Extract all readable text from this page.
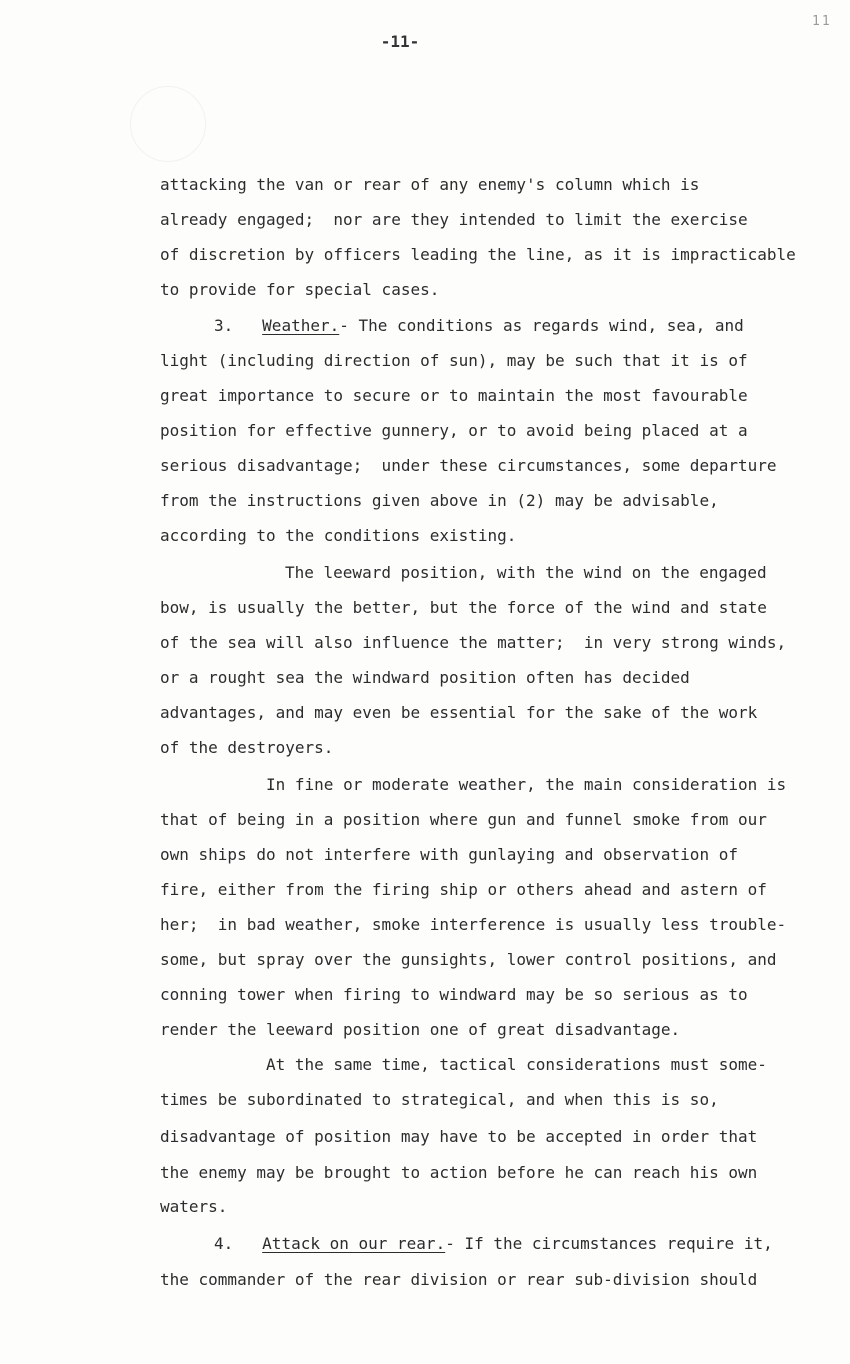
11
-11-
attacking the van or rear of any enemy's column which is
already engaged;  nor are they intended to limit the exercise
of discretion by officers leading the line, as it is impracticable
to provide for special cases.
3. Weather.- The conditions as regards wind, sea, and
light (including direction of sun), may be such that it is of
great importance to secure or to maintain the most favourable
position for effective gunnery, or to avoid being placed at a
serious disadvantage;  under these circumstances, some departure
from the instructions given above in (2) may be advisable,
according to the conditions existing.
The leeward position, with the wind on the engaged
bow, is usually the better, but the force of the wind and state
of the sea will also influence the matter;  in very strong winds,
or a rought sea the windward position often has decided
advantages, and may even be essential for the sake of the work
of the destroyers.
In fine or moderate weather, the main consideration is
that of being in a position where gun and funnel smoke from our
own ships do not interfere with gunlaying and observation of
fire, either from the firing ship or others ahead and astern of
her;  in bad weather, smoke interference is usually less trouble-
some, but spray over the gunsights, lower control positions, and
conning tower when firing to windward may be so serious as to
render the leeward position one of great disadvantage.
At the same time, tactical considerations must some-
times be subordinated to strategical, and when this is so,
disadvantage of position may have to be accepted in order that
the enemy may be brought to action before he can reach his own
waters.
4. Attack on our rear.- If the circumstances require it,
the commander of the rear division or rear sub-division should
